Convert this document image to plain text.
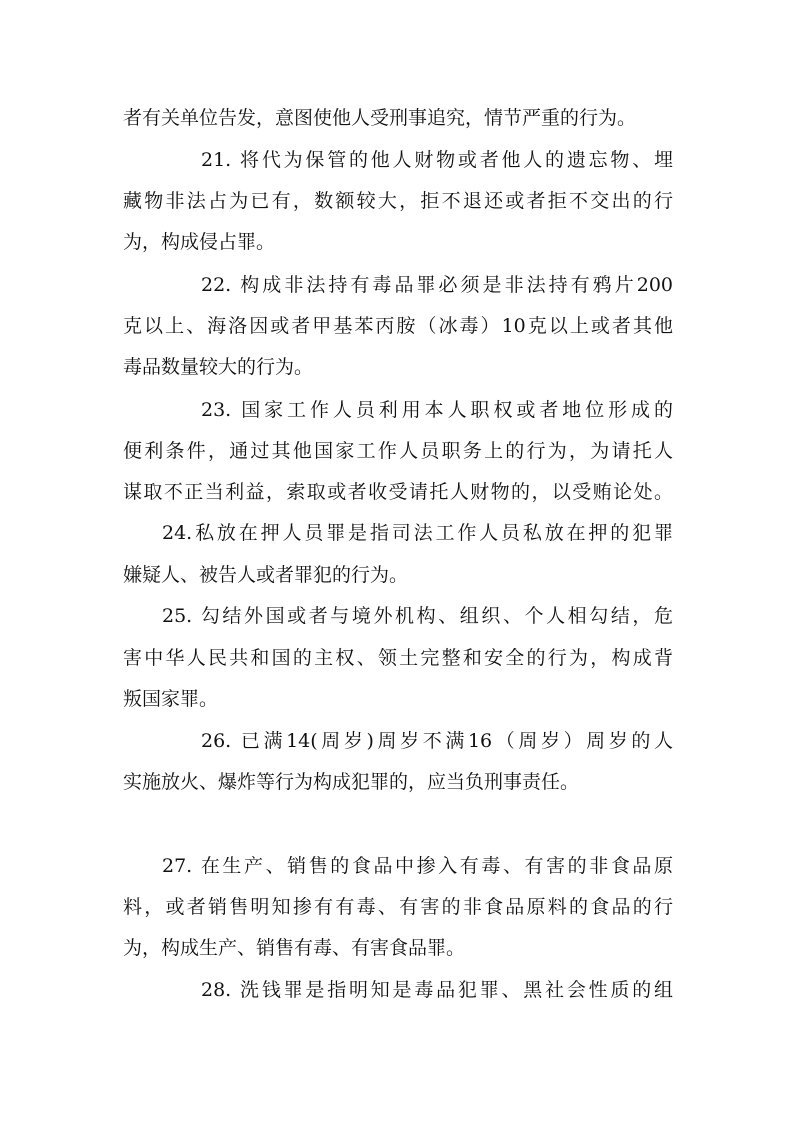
者有关单位告发，意图使他人受刑事追究，情节严重的行为。
21. 将代为保管的他人财物或者他人的遗忘物、埋
藏物非法占为已有，数额较大，拒不退还或者拒不交出的行
为，构成侵占罪。
22. 构成非法持有毒品罪必须是非法持有鸦片200
克以上、海洛因或者甲基苯丙胺（冰毒）10克以上或者其他
毒品数量较大的行为。
23. 国家工作人员利用本人职权或者地位形成的
便利条件，通过其他国家工作人员职务上的行为，为请托人
谋取不正当利益，索取或者收受请托人财物的，以受贿论处。
24.私放在押人员罪是指司法工作人员私放在押的犯罪
嫌疑人、被告人或者罪犯的行为。
25. 勾结外国或者与境外机构、组织、个人相勾结，危
害中华人民共和国的主权、领土完整和安全的行为，构成背
叛国家罪。
26. 已满14(周岁)周岁不满16（周岁）周岁的人
实施放火、爆炸等行为构成犯罪的，应当负刑事责任。
27. 在生产、销售的食品中掺入有毒、有害的非食品原
料，或者销售明知掺有有毒、有害的非食品原料的食品的行
为，构成生产、销售有毒、有害食品罪。
28. 洗钱罪是指明知是毒品犯罪、黑社会性质的组
